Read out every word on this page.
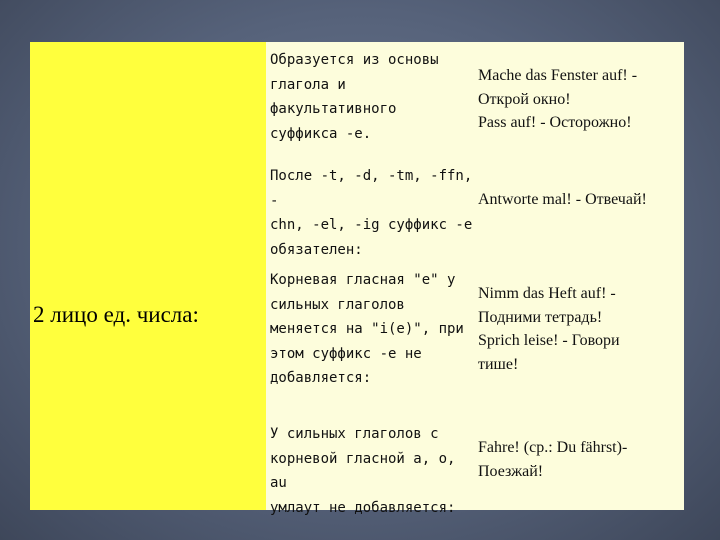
2 лицо ед. числа:
Образуется из основы
глагола и
факультативного
суффикса -е.
Mache das Fenster auf! -
Открой окно!
Pass auf! - Осторожно!
После -t, -d, -tm, -ffn, -
chn, -el, -ig суффикс -e
обязателен:
Antworte mal! - Отвечай!
Корневая гласная "e" у
сильных глаголов
меняется на "i(e)", при
этом суффикс -е не
добавляется:
Nimm das Heft auf! -
Подними тетрадь!
Sprich leise! - Говори
тише!
У сильных глаголов с
корневой гласной a, o, au
умлаут не добавляется:
Fahre! (ср.: Du fährst)-
Поезжай!
